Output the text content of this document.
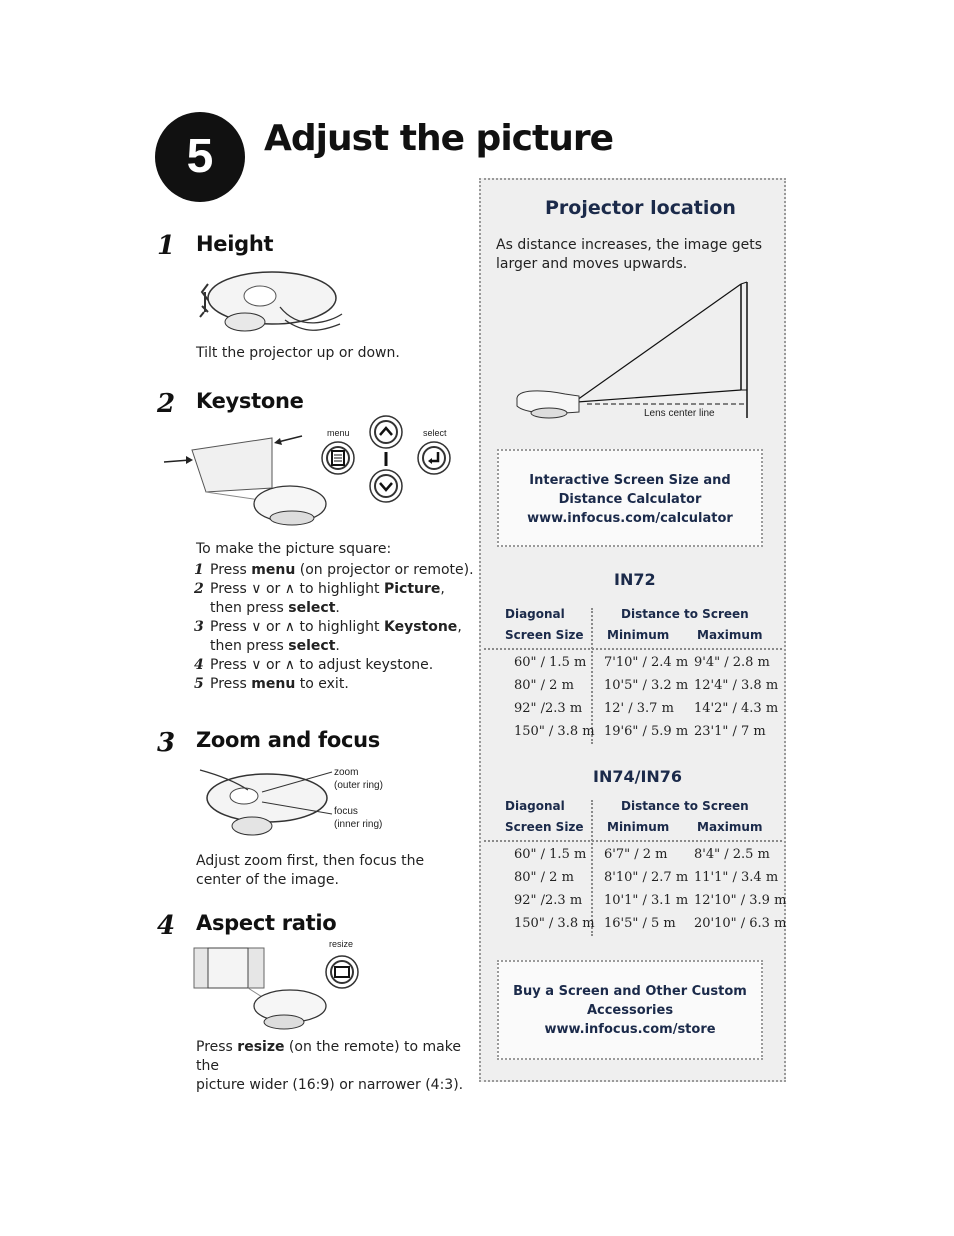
5	Adjust the picture
1 Height
Tilt the projector up or down.
2 Keystone
menu	select
To make the picture square:
1 Press menu (on projector or remote).
2 Press ∨ or ∧ to highlight Picture,
then press select.
3 Press ∨ or ∧ to highlight Keystone,
then press select.
4 Press ∨ or ∧ to adjust keystone.
5 Press menu to exit.
3 Zoom and focus
zoom
(outer ring)
focus
(inner ring)
Adjust zoom first, then focus the
center of the image.
4 Aspect ratio
resize
Press resize (on the remote) to make the
picture wider (16:9) or narrower (4:3).
Projector location
As distance increases, the image gets
larger and moves upwards.
Lens center line
Interactive Screen Size and
Distance Calculator
www.infocus.com/calculator
IN72
Diagonal
Screen Size
Distance to Screen
Minimum Maximum
60" / 1.5 m	7'10" / 2.4 m	9'4" / 2.8 m
80" / 2 m	10'5" / 3.2 m	12'4" / 3.8 m
92" /2.3 m	12' / 3.7 m	14'2" / 4.3 m
150" / 3.8 m	19'6" / 5.9 m	23'1" / 7 m
IN74/IN76
Diagonal
Screen Size
Distance to Screen
Minimum Maximum
60" / 1.5 m	6'7" / 2 m	8'4" / 2.5 m
80" / 2 m	8'10" / 2.7 m	11'1" / 3.4 m
92" /2.3 m	10'1" / 3.1 m	12'10" / 3.9 m
150" / 3.8 m	16'5" / 5 m	20'10" / 6.3 m
Buy a Screen and Other Custom
Accessories
www.infocus.com/store
